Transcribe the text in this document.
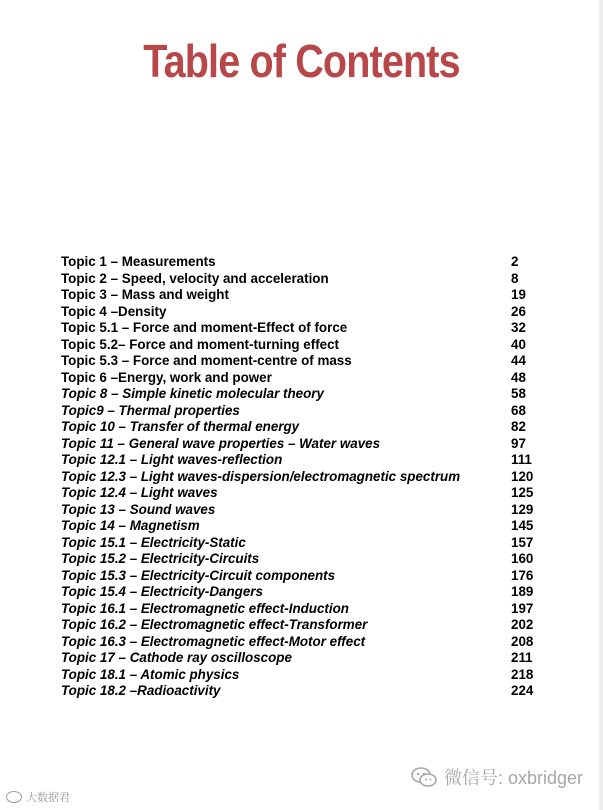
Table of Contents
Topic 1 – Measurements	2
Topic 2 – Speed, velocity and acceleration	8
Topic 3 – Mass and weight	19
Topic 4 –Density	26
Topic 5.1 – Force and moment-Effect of force	32
Topic 5.2– Force and moment-turning effect	40
Topic 5.3 – Force and moment-centre of mass	44
Topic 6 –Energy, work and power	48
Topic 8 – Simple kinetic molecular theory	58
Topic9 – Thermal properties	68
Topic 10 – Transfer of thermal energy	82
Topic 11 – General wave properties – Water waves	97
Topic 12.1 – Light waves-reflection	111
Topic 12.3 – Light waves-dispersion/electromagnetic spectrum	120
Topic 12.4 – Light waves	125
Topic 13 – Sound waves	129
Topic 14 – Magnetism	145
Topic 15.1 – Electricity-Static	157
Topic 15.2 – Electricity-Circuits	160
Topic 15.3 – Electricity-Circuit components	176
Topic 15.4 – Electricity-Dangers	189
Topic 16.1 – Electromagnetic effect-Induction	197
Topic 16.2 – Electromagnetic effect-Transformer	202
Topic 16.3 – Electromagnetic effect-Motor effect	208
Topic 17 – Cathode ray oscilloscope	211
Topic 18.1 – Atomic physics	218
Topic 18.2 –Radioactivity	224
大数据君
微信号: oxbridger
